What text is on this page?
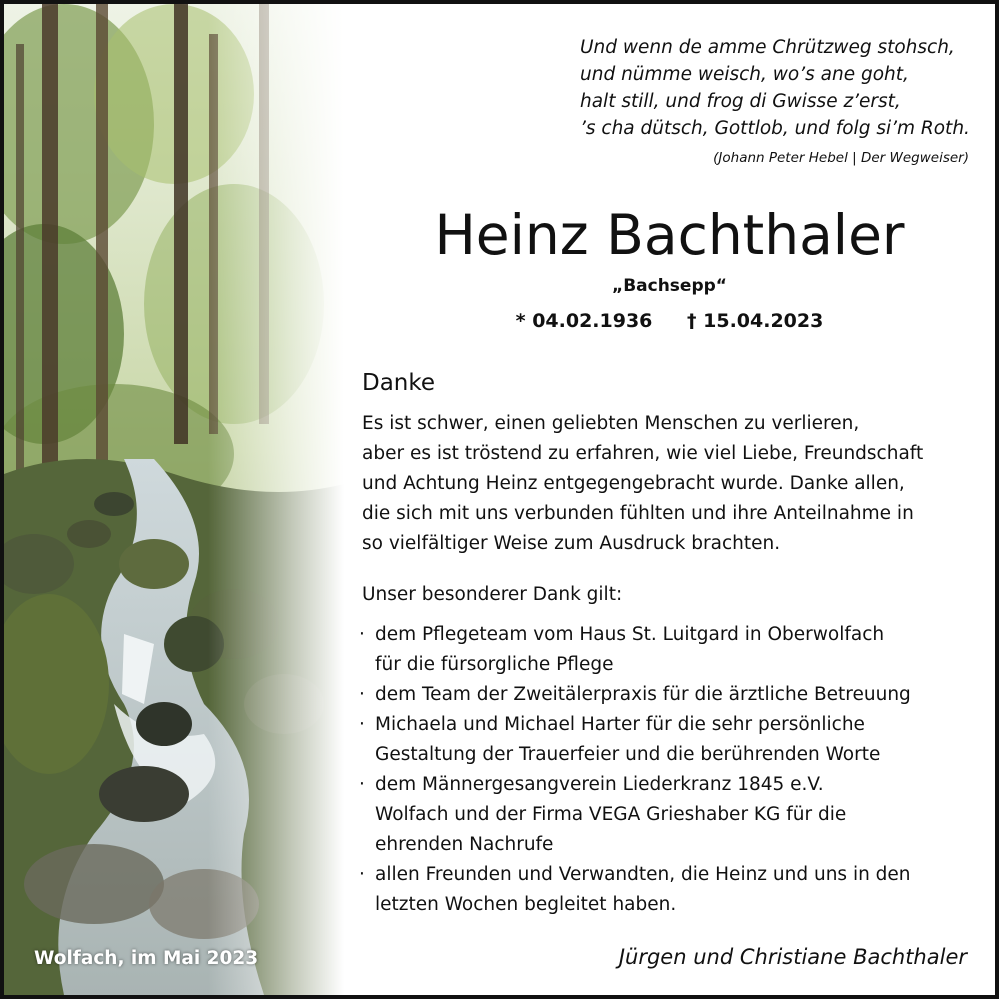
Wolfach, im Mai 2023
Und wenn de amme Chrützweg stohsch,
und nümme weisch, wo’s ane goht,
halt still, und frog di Gwisse z’erst,
’s cha dütsch, Gottlob, und folg si’m Roth.
(Johann Peter Hebel | Der Wegweiser)
Heinz Bachthaler
„Bachsepp“
* 04.02.1936 † 15.04.2023
Danke
Es ist schwer, einen geliebten Menschen zu verlieren,
aber es ist tröstend zu erfahren, wie viel Liebe, Freundschaft
und Achtung Heinz entgegengebracht wurde. Danke allen,
die sich mit uns verbunden fühlten und ihre Anteilnahme in
so vielfältiger Weise zum Ausdruck brachten.
Unser besonderer Dank gilt:
· dem Pflegeteam vom Haus St. Luitgard in Oberwolfach
für die fürsorgliche Pflege
· dem Team der Zweitälerpraxis für die ärztliche Betreuung
· Michaela und Michael Harter für die sehr persönliche
Gestaltung der Trauerfeier und die berührenden Worte
· dem Männergesangverein Liederkranz 1845 e.V.
Wolfach und der Firma VEGA Grieshaber KG für die
ehrenden Nachrufe
· allen Freunden und Verwandten, die Heinz und uns in den
letzten Wochen begleitet haben.
Jürgen und Christiane Bachthaler
